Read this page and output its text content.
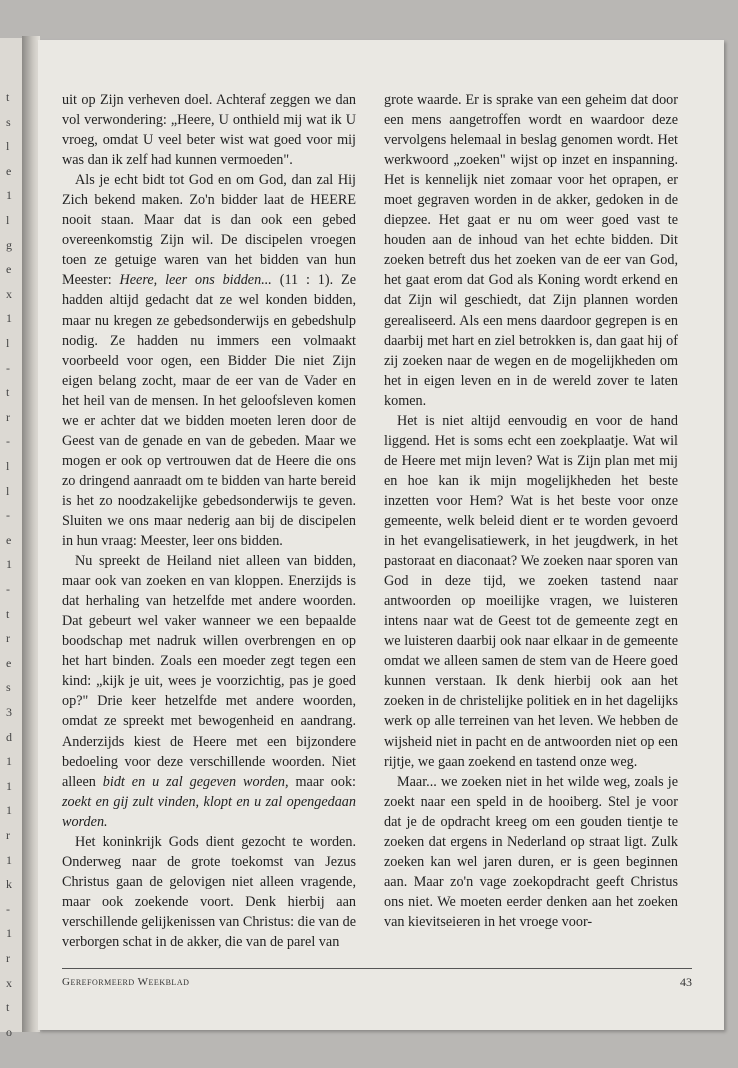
t
s
l
e
1
l
g
e
x
1
l
-
t
r
-
l
l
-
e
1
-
t
r
e
s
3
d
1
1
1
r
1
k
-
1
r
x
t
o

uit op Zijn verheven doel. Achteraf zeggen we dan vol verwondering: „Heere, U onthield mij wat ik U vroeg, omdat U veel beter wist wat goed voor mij was dan ik zelf had kunnen vermoeden".

Als je echt bidt tot God en om God, dan zal Hij Zich bekend maken. Zo'n bidder laat de HEERE nooit staan. Maar dat is dan ook een gebed overeenkomstig Zijn wil. De discipelen vroegen toen ze getuige waren van het bidden van hun Meester: Heere, leer ons bidden... (11 : 1). Ze hadden altijd gedacht dat ze wel konden bidden, maar nu kregen ze gebedsonderwijs en gebedshulp nodig. Ze hadden nu immers een volmaakt voorbeeld voor ogen, een Bidder Die niet Zijn eigen belang zocht, maar de eer van de Vader en het heil van de mensen. In het geloofsleven komen we er achter dat we bidden moeten leren door de Geest van de genade en van de gebeden. Maar we mogen er ook op vertrouwen dat de Heere die ons zo dringend aanraadt om te bidden van harte bereid is het zo noodzakelijke gebedsonderwijs te geven. Sluiten we ons maar nederig aan bij de discipelen in hun vraag: Meester, leer ons bidden.

Nu spreekt de Heiland niet alleen van bidden, maar ook van zoeken en van kloppen. Enerzijds is dat herhaling van hetzelfde met andere woorden. Dat gebeurt wel vaker wanneer we een bepaalde boodschap met nadruk willen overbrengen en op het hart binden. Zoals een moeder zegt tegen een kind: „kijk je uit, wees je voorzichtig, pas je goed op?" Drie keer hetzelfde met andere woorden, omdat ze spreekt met bewogenheid en aandrang. Anderzijds kiest de Heere met een bijzondere bedoeling voor deze verschillende woorden. Niet alleen bidt en u zal gegeven worden, maar ook: zoekt en gij zult vinden, klopt en u zal opengedaan worden.

Het koninkrijk Gods dient gezocht te worden. Onderweg naar de grote toekomst van Jezus Christus gaan de gelovigen niet alleen vragende, maar ook zoekende voort. Denk hierbij aan verschillende gelijkenissen van Christus: die van de verborgen schat in de akker, die van de parel van

grote waarde. Er is sprake van een geheim dat door een mens aangetroffen wordt en waardoor deze vervolgens helemaal in beslag genomen wordt. Het werkwoord „zoeken" wijst op inzet en inspanning. Het is kennelijk niet zomaar voor het oprapen, er moet gegraven worden in de akker, gedoken in de diepzee. Het gaat er nu om weer goed vast te houden aan de inhoud van het echte bidden. Dit zoeken betreft dus het zoeken van de eer van God, het gaat erom dat God als Koning wordt erkend en dat Zijn wil geschiedt, dat Zijn plannen worden gerealiseerd. Als een mens daardoor gegrepen is en daarbij met hart en ziel betrokken is, dan gaat hij of zij zoeken naar de wegen en de mogelijkheden om het in eigen leven en in de wereld zover te laten komen.

Het is niet altijd eenvoudig en voor de hand liggend. Het is soms echt een zoekplaatje. Wat wil de Heere met mijn leven? Wat is Zijn plan met mij en hoe kan ik mijn mogelijkheden het beste inzetten voor Hem? Wat is het beste voor onze gemeente, welk beleid dient er te worden gevoerd in het evangelisatiewerk, in het jeugdwerk, in het pastoraat en diaconaat? We zoeken naar sporen van God in deze tijd, we zoeken tastend naar antwoorden op moeilijke vragen, we luisteren intens naar wat de Geest tot de gemeente zegt en we luisteren daarbij ook naar elkaar in de gemeente omdat we alleen samen de stem van de Heere goed kunnen verstaan. Ik denk hierbij ook aan het zoeken in de christelijke politiek en in het dagelijks werk op alle terreinen van het leven. We hebben de wijsheid niet in pacht en de antwoorden niet op een rijtje, we gaan zoekend en tastend onze weg.

Maar... we zoeken niet in het wilde weg, zoals je zoekt naar een speld in de hooiberg. Stel je voor dat je de opdracht kreeg om een gouden tientje te zoeken dat ergens in Nederland op straat ligt. Zulk zoeken kan wel jaren duren, er is geen beginnen aan. Maar zo'n vage zoekopdracht geeft Christus ons niet. We moeten eerder denken aan het zoeken van kievitseieren in het vroege voor-

Gereformeerd Weekblad	43
